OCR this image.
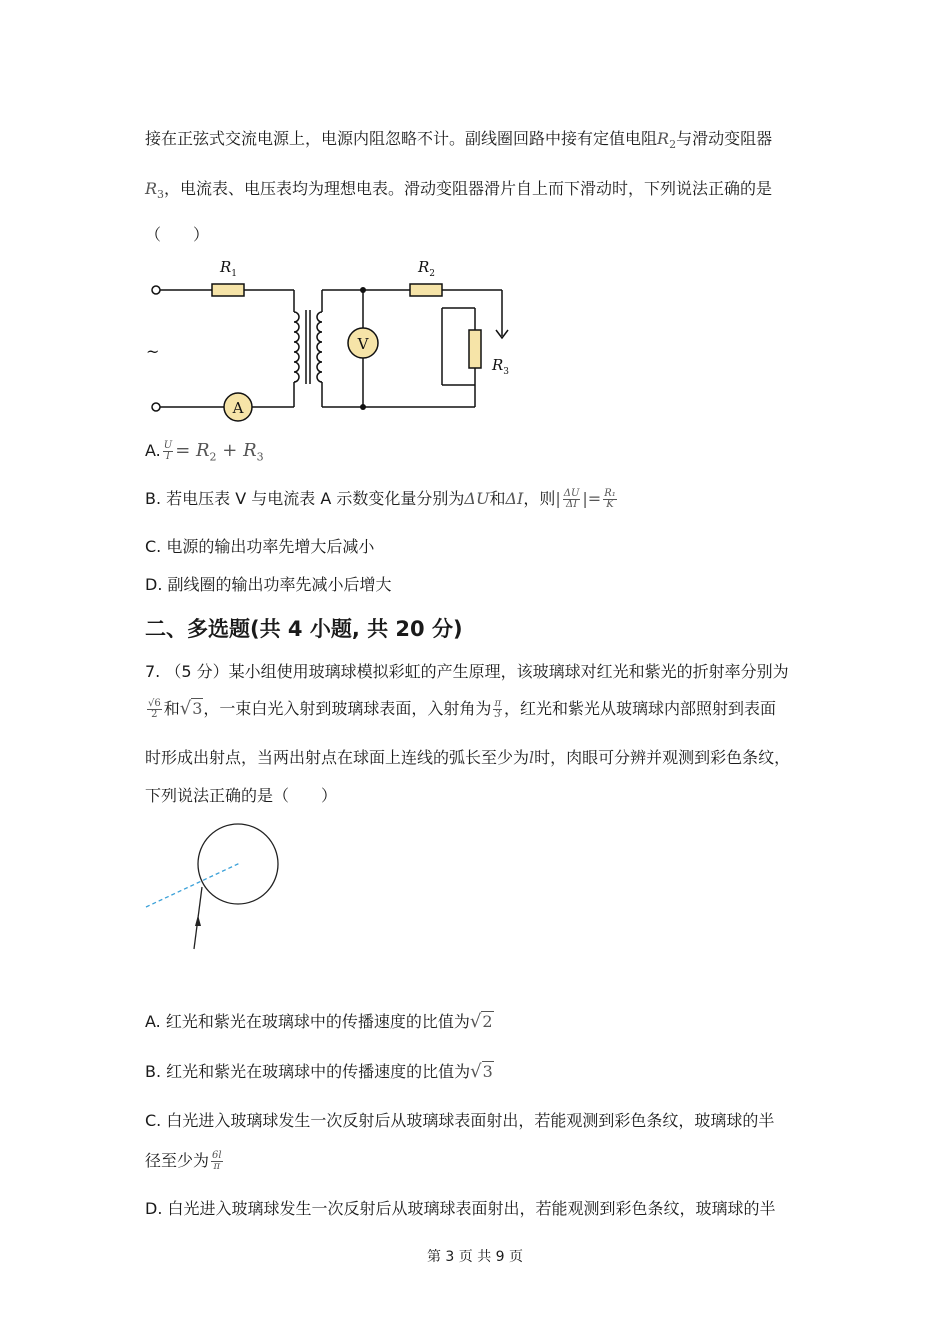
接在正弦式交流电源上，电源内阻忽略不计。副线圈回路中接有定值电阻$R_2$与滑动变阻器
$R_3$，电流表、电压表均为理想电表。滑动变阻器滑片自上而下滑动时，下列说法正确的是
（　　）
$R_1$	$R_2$
$R_3$
V
A
~
A. $\frac{U}{I} = R_2 + R_3$
B. 若电压表 V 与电流表 A 示数变化量分别为ΔU和ΔI，则| $\frac{\Delta U}{\Delta I}$ |= $\frac{\text{R₁}}{K}$
C. 电源的输出功率先增大后减小
D. 副线圈的输出功率先减小后增大
二、多选题(共 4 小题, 共 20 分)
7. （5 分）某小组使用玻璃球模拟彩虹的产生原理，该玻璃球对红光和紫光的折射率分别为
$\frac{√6}{2}$ 和√3，一束白光入射到玻璃球表面，入射角为 $\frac{\pi}{3}$ ，红光和紫光从玻璃球内部照射到表面
时形成出射点，当两出射点在球面上连线的弧长至少为l时，肉眼可分辨并观测到彩色条纹，
下列说法正确的是（　　）
A. 红光和紫光在玻璃球中的传播速度的比值为√2
B. 红光和紫光在玻璃球中的传播速度的比值为√3
C. 白光进入玻璃球发生一次反射后从玻璃球表面射出，若能观测到彩色条纹，玻璃球的半
径至少为 $\frac{6l}{\pi}$
D. 白光进入玻璃球发生一次反射后从玻璃球表面射出，若能观测到彩色条纹，玻璃球的半
第 3 页 共 9 页
